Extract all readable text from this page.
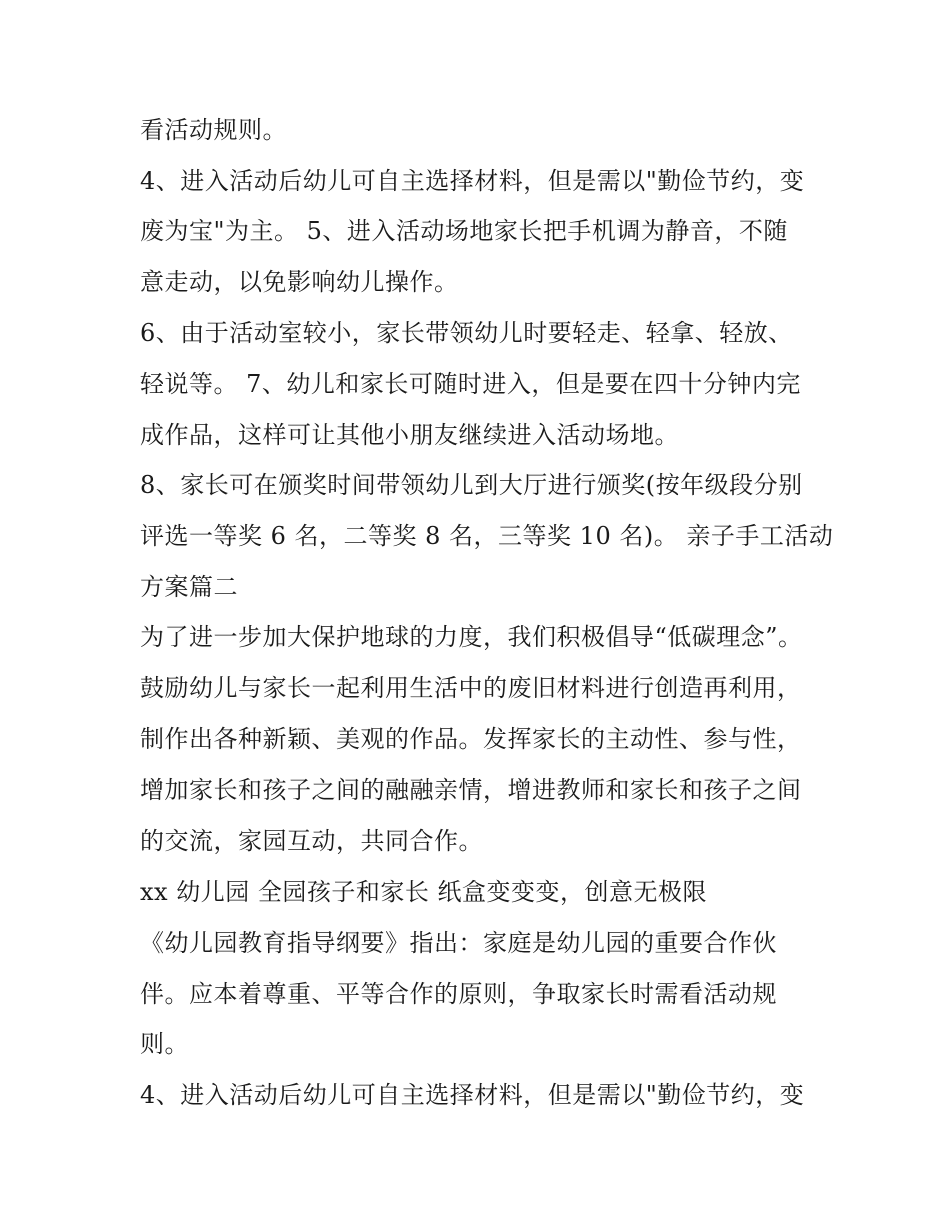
看活动规则。
4、进入活动后幼儿可自主选择材料，但是需以"勤俭节约，变
废为宝"为主。 5、进入活动场地家长把手机调为静音，不随
意走动，以免影响幼儿操作。
6、由于活动室较小，家长带领幼儿时要轻走、轻拿、轻放、
轻说等。 7、幼儿和家长可随时进入，但是要在四十分钟内完
成作品，这样可让其他小朋友继续进入活动场地。
8、家长可在颁奖时间带领幼儿到大厅进行颁奖(按年级段分别
评选一等奖 6 名，二等奖 8 名，三等奖 10 名)。 亲子手工活动
方案篇二
为了进一步加大保护地球的力度，我们积极倡导“低碳理念”。
鼓励幼儿与家长一起利用生活中的废旧材料进行创造再利用，
制作出各种新颖、美观的作品。发挥家长的主动性、参与性，
增加家长和孩子之间的融融亲情，增进教师和家长和孩子之间
的交流，家园互动，共同合作。
xx 幼儿园 全园孩子和家长 纸盒变变变，创意无极限
《幼儿园教育指导纲要》指出：家庭是幼儿园的重要合作伙
伴。应本着尊重、平等合作的原则，争取家长时需看活动规
则。
4、进入活动后幼儿可自主选择材料，但是需以"勤俭节约，变
